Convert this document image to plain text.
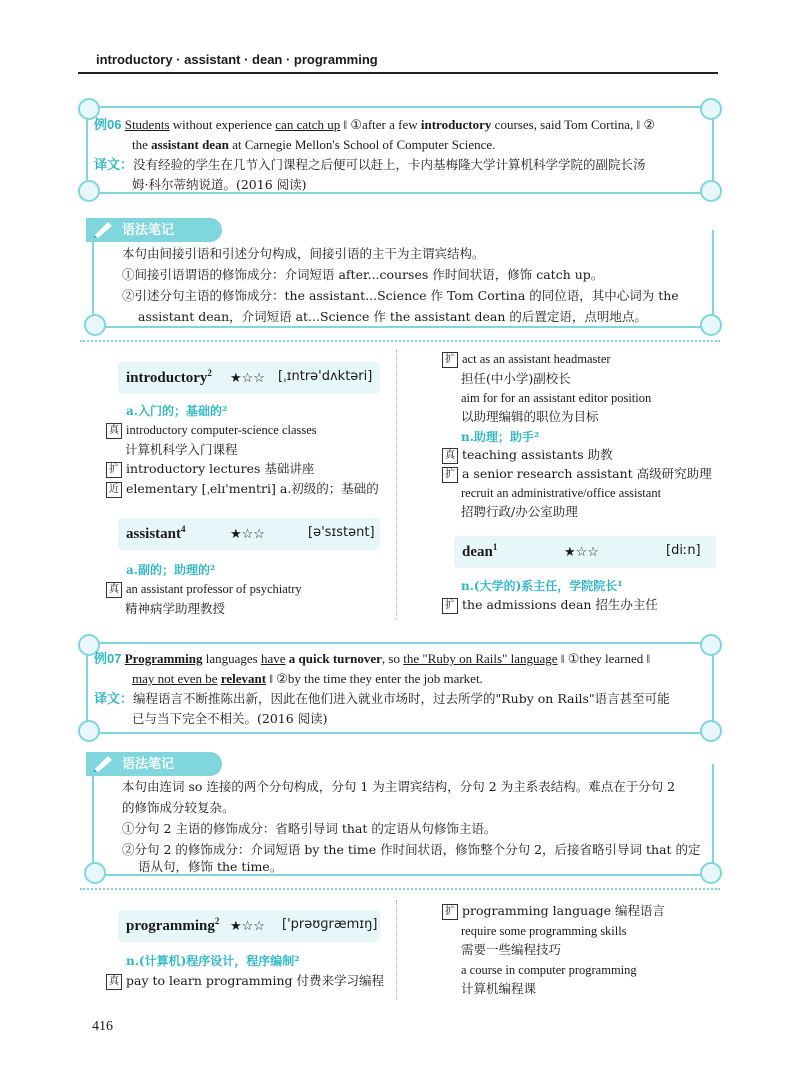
introductory · assistant · dean · programming
例06 Students without experience can catch up ‖ ①after a few introductory courses, said Tom Cortina, ‖ ②
the assistant dean at Carnegie Mellon's School of Computer Science.
译文：没有经验的学生在几节入门课程之后便可以赶上，卡内基梅隆大学计算机科学学院的副院长汤
姆·科尔蒂纳说道。(2016 阅读)
语法笔记
本句由间接引语和引述分句构成，间接引语的主干为主谓宾结构。
①间接引语谓语的修饰成分：介词短语 after...courses 作时间状语，修饰 catch up。
②引述分句主语的修饰成分：the assistant...Science 作 Tom Cortina 的同位语，其中心词为 the
assistant dean，介词短语 at...Science 作 the assistant dean 的后置定语，点明地点。
introductory$^2$ ★☆☆ [ˌɪntrə'dʌktəri]
a.入门的；基础的²
真 introductory computer-science classes
计算机科学入门课程
扩 introductory lectures 基础讲座
近 elementary [ˌelɪ'mentri] a.初级的；基础的
assistant$^4$	★☆☆	[ə'sɪstənt]
a.副的；助理的²
真 an assistant professor of psychiatry
精神病学助理教授
扩 act as an assistant headmaster
担任(中小学)副校长
aim for for an assistant editor position
以助理编辑的职位为目标
n.助理；助手²
真 teaching assistants 助教
扩 a senior research assistant 高级研究助理
recruit an administrative/office assistant
招聘行政/办公室助理
dean$^1$	★☆☆	[diːn]
n.(大学的)系主任，学院院长¹
扩 the admissions dean 招生办主任
例07 Programming languages have a quick turnover, so the "Ruby on Rails" language ‖ ①they learned ‖
may not even be relevant ‖ ②by the time they enter the job market.
译文：编程语言不断推陈出新，因此在他们进入就业市场时，过去所学的"Ruby on Rails"语言甚至可能
已与当下完全不相关。(2016 阅读)
语法笔记
本句由连词 so 连接的两个分句构成，分句 1 为主谓宾结构，分句 2 为主系表结构。难点在于分句 2
的修饰成分较复杂。
①分句 2 主语的修饰成分：省略引导词 that 的定语从句修饰主语。
②分句 2 的修饰成分：介词短语 by the time 作时间状语，修饰整个分句 2，后接省略引导词 that 的定
语从句，修饰 the time。
programming$^2$ ★☆☆ ['prəʊɡræmɪŋ]
n.(计算机)程序设计，程序编制²
真 pay to learn programming 付费来学习编程
扩 programming language 编程语言
require some programming skills
需要一些编程技巧
a course in computer programming
计算机编程课
416
